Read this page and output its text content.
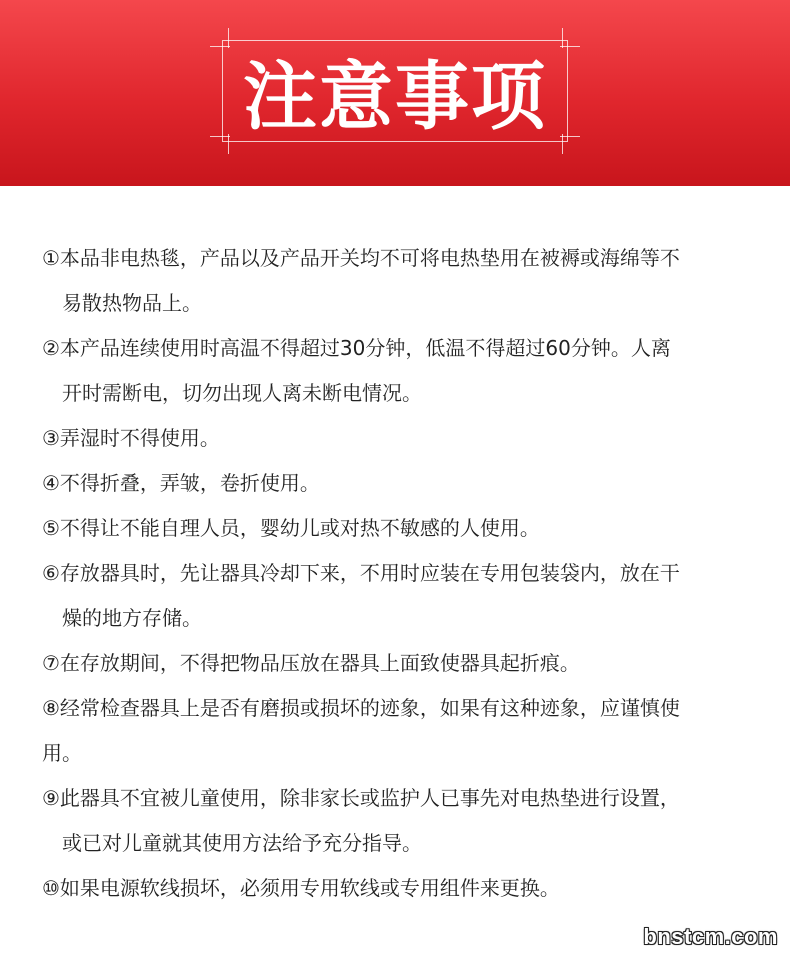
注意事项

①本品非电热毯，产品以及产品开关均不可将电热垫用在被褥或海绵等不
易散热物品上。

②本产品连续使用时高温不得超过30分钟，低温不得超过60分钟。人离
开时需断电，切勿出现人离未断电情况。

③弄湿时不得使用。

④不得折叠，弄皱，卷折使用。

⑤不得让不能自理人员，婴幼儿或对热不敏感的人使用。

⑥存放器具时，先让器具冷却下来，不用时应装在专用包装袋内，放在干
燥的地方存储。

⑦在存放期间，不得把物品压放在器具上面致使器具起折痕。

⑧经常检查器具上是否有磨损或损坏的迹象，如果有这种迹象，应谨慎使
用。

⑨此器具不宜被儿童使用，除非家长或监护人已事先对电热垫进行设置，
或已对儿童就其使用方法给予充分指导。

⑩如果电源软线损坏，必须用专用软线或专用组件来更换。

bnstcm.com
